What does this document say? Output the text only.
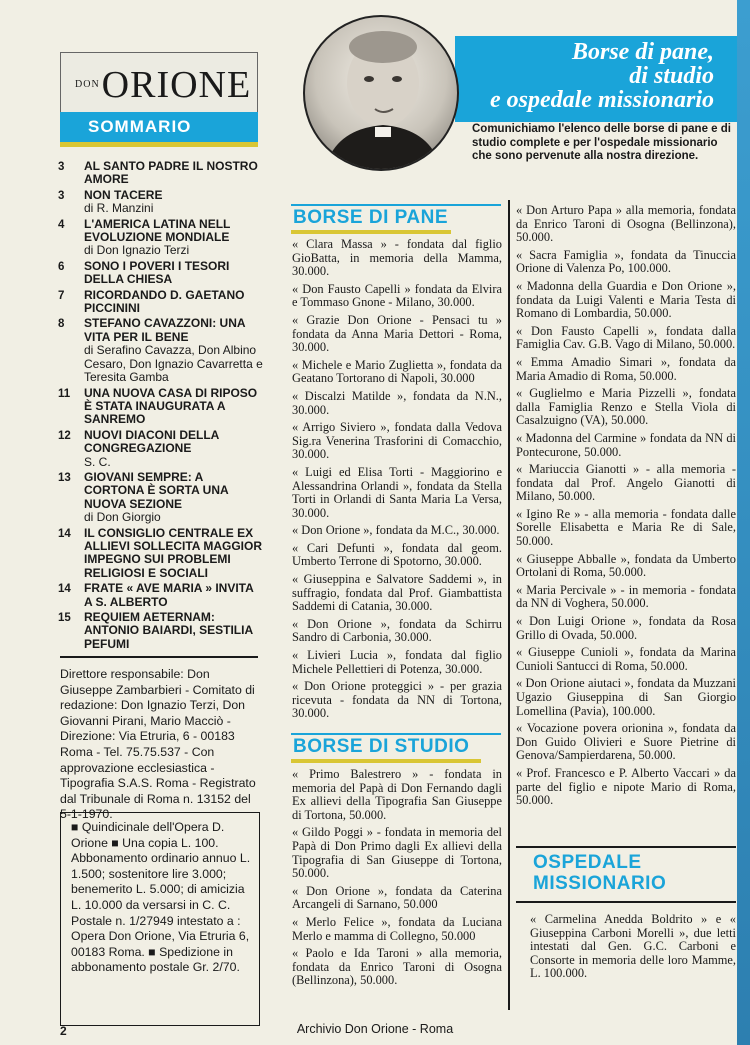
DON ORIONE
SOMMARIO
3	AL SANTO PADRE IL NOSTRO AMORE
3	NON TACERE
di R. Manzini
4	L'AMERICA LATINA NELL EVOLUZIONE MONDIALE
di Don Ignazio Terzi
6	SONO I POVERI I TESORI DELLA CHIESA
7	RICORDANDO D. GAETANO PICCININI
8	STEFANO CAVAZZONI: UNA VITA PER IL BENE
di Serafino Cavazza, Don Albino Cesaro, Don Ignazio Cavarretta e Teresita Gamba
11	UNA NUOVA CASA DI RIPOSO È STATA INAUGURATA A SANREMO
12	NUOVI DIACONI DELLA CONGREGAZIONE
S. C.
13	GIOVANI SEMPRE: A CORTONA È SORTA UNA NUOVA SEZIONE
di Don Giorgio
14	IL CONSIGLIO CENTRALE EX ALLIEVI SOLLECITA MAGGIOR IMPEGNO SUI PROBLEMI RELIGIOSI E SOCIALI
14	FRATE « AVE MARIA » INVITA A S. ALBERTO
15	REQUIEM AETERNAM: ANTONIO BAIARDI, SESTILIA PEFUMI

Direttore responsabile: Don Giuseppe Zambarbieri - Comitato di redazione: Don Ignazio Terzi, Don Giovanni Pirani, Mario Macciò - Direzione: Via Etruria, 6 - 00183 Roma - Tel. 75.75.537 - Con approvazione ecclesiastica - Tipografia S.A.S. Roma - Registrato dal Tribunale di Roma n. 13152 del 5-1-1970.

■ Quindicinale dell'Opera D. Orione ■ Una copia L. 100. Abbonamento ordinario annuo L. 1.500; sostenitore lire 3.000; benemerito L. 5.000; di amicizia L. 10.000 da versarsi in C. C. Postale n. 1/27949 intestato a : Opera Don Orione, Via Etruria 6, 00183 Roma. ■ Spedizione in abbonamento postale Gr. 2/70.

2	Archivio Don Orione - Roma
Borse di pane,
di studio
e ospedale missionario

Comunichiamo l'elenco delle borse di pane e di studio complete e per l'ospedale missionario che sono pervenute alla nostra direzione.

BORSE DI PANE

« Clara Massa » - fondata dal figlio GioBatta, in memoria della Mamma, 30.000.

« Don Fausto Capelli » fondata da Elvira e Tommaso Gnone - Milano, 30.000.

« Grazie Don Orione - Pensaci tu » fondata da Anna Maria Dettori - Roma, 30.000.

« Michele e Mario Zuglietta », fondata da Geatano Tortorano di Napoli, 30.000

« Discalzi Matilde », fondata da N.N., 30.000.

« Arrigo Siviero », fondata dalla Vedova Sig.ra Venerina Trasforini di Comacchio, 30.000.

« Luigi ed Elisa Torti - Maggiorino e Alessandrina Orlandi », fondata da Stella Torti in Orlandi di Santa Maria La Versa, 30.000.

« Don Orione », fondata da M.C., 30.000.

« Cari Defunti », fondata dal geom. Umberto Terrone di Spotorno, 30.000.

« Giuseppina e Salvatore Saddemi », in suffragio, fondata dal Prof. Giambattista Saddemi di Catania, 30.000.

« Don Orione », fondata da Schirru Sandro di Carbonia, 30.000.

« Livieri Lucia », fondata dal figlio Michele Pellettieri di Potenza, 30.000.

« Don Orione proteggici » - per grazia ricevuta - fondata da NN di Tortona, 30.000.

BORSE DI STUDIO

« Primo Balestrero » - fondata in memoria del Papà di Don Fernando dagli Ex allievi della Tipografia San Giuseppe di Tortona, 50.000.

« Gildo Poggi » - fondata in memoria del Papà di Don Primo dagli Ex allievi della Tipografia di San Giuseppe di Tortona, 50.000.

« Don Orione », fondata da Caterina Arcangeli di Sarnano, 50.000

« Merlo Felice », fondata da Luciana Merlo e mamma di Collegno, 50.000

« Paolo e Ida Taroni » alla memoria, fondata da Enrico Taroni di Osogna (Bellinzona), 50.000.

« Don Arturo Papa » alla memoria, fondata da Enrico Taroni di Osogna (Bellinzona), 50.000.

« Sacra Famiglia », fondata da Tinuccia Orione di Valenza Po, 100.000.

« Madonna della Guardia e Don Orione », fondata da Luigi Valenti e Maria Testa di Romano di Lombardia, 50.000.

« Don Fausto Capelli », fondata dalla Famiglia Cav. G.B. Vago di Milano, 50.000.

« Emma Amadio Simari », fondata da Maria Amadio di Roma, 50.000.

« Guglielmo e Maria Pizzelli », fondata dalla Famiglia Renzo e Stella Viola di Casalzuigno (VA), 50.000.

« Madonna del Carmine » fondata da NN di Pontecurone, 50.000.

« Mariuccia Gianotti » - alla memoria - fondata dal Prof. Angelo Gianotti di Milano, 50.000.

« Igino Re » - alla memoria - fondata dalle Sorelle Elisabetta e Maria Re di Sale, 50.000.

« Giuseppe Abballe », fondata da Umberto Ortolani di Roma, 50.000.

« Maria Percivale » - in memoria - fondata da NN di Voghera, 50.000.

« Don Luigi Orione », fondata da Rosa Grillo di Ovada, 50.000.

« Giuseppe Cunioli », fondata da Marina Cunioli Santucci di Roma, 50.000.

« Don Orione aiutaci », fondata da Muzzani Ugazio Giuseppina di San Giorgio Lomellina (Pavia), 100.000.

« Vocazione povera orionina », fondata da Don Guido Olivieri e Suore Pietrine di Genova/Sampierdarena, 50.000.

« Prof. Francesco e P. Alberto Vaccari » da parte del figlio e nipote Mario di Roma, 50.000.

OSPEDALE
MISSIONARIO

« Carmelina Anedda Boldrito » e « Giuseppina Carboni Morelli », due letti intestati dal Gen. G.C. Carboni e Consorte in memoria delle loro Mamme, L. 100.000.
